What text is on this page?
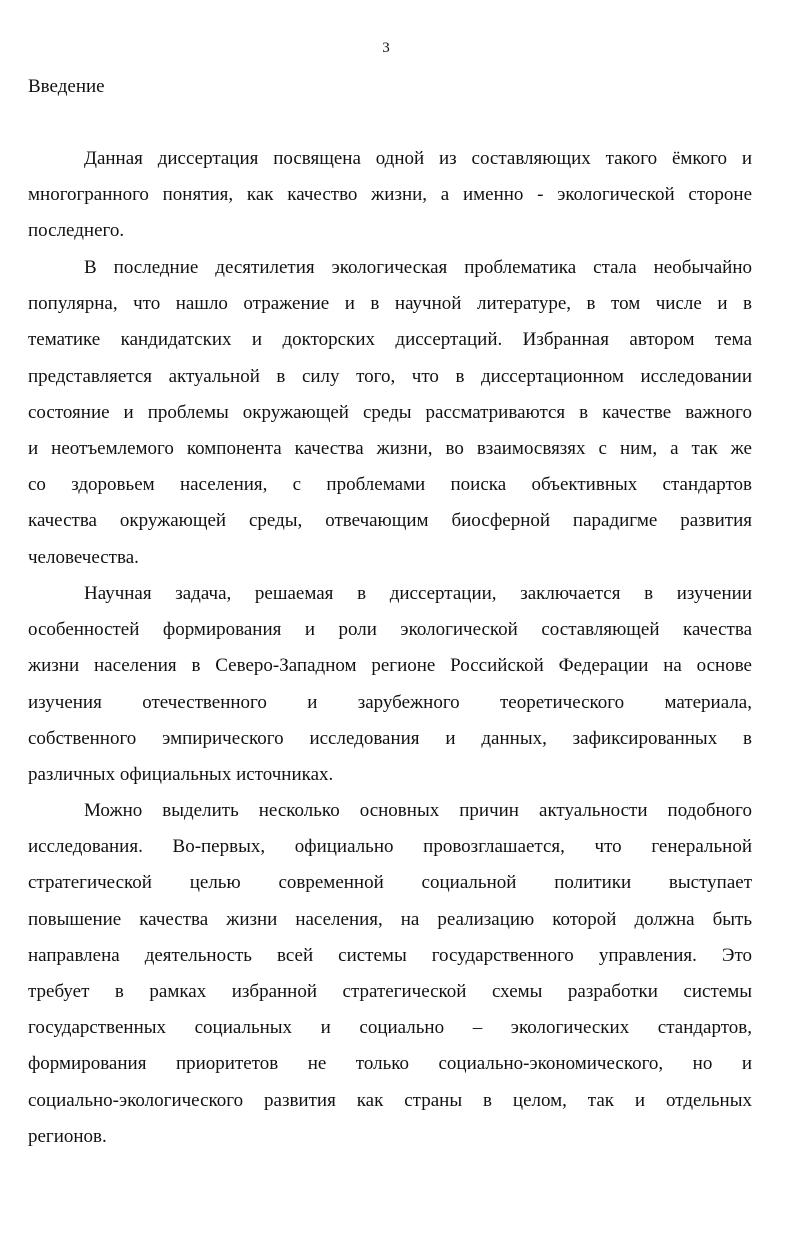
3
Введение

Данная диссертация посвящена одной из составляющих такого ёмкого и
многогранного понятия, как качество жизни, а именно - экологической стороне
последнего.

В последние десятилетия экологическая проблематика стала необычайно
популярна, что нашло отражение и в научной литературе, в том числе и в
тематике кандидатских и докторских диссертаций. Избранная автором тема
представляется актуальной в силу того, что в диссертационном исследовании
состояние и проблемы окружающей среды рассматриваются в качестве важного
и неотъемлемого компонента качества жизни, во взаимосвязях с ним, а так же
со здоровьем населения, с проблемами поиска объективных стандартов
качества окружающей среды, отвечающим биосферной парадигме развития
человечества.

Научная задача, решаемая в диссертации, заключается в изучении
особенностей формирования и роли экологической составляющей качества
жизни населения в Северо-Западном регионе Российской Федерации на основе
изучения отечественного и зарубежного теоретического материала,
собственного эмпирического исследования и данных, зафиксированных в
различных официальных источниках.

Можно выделить несколько основных причин актуальности подобного
исследования. Во-первых, официально провозглашается, что генеральной
стратегической целью современной социальной политики выступает
повышение качества жизни населения, на реализацию которой должна быть
направлена деятельность всей системы государственного управления. Это
требует в рамках избранной стратегической схемы разработки системы
государственных социальных и социально – экологических стандартов,
формирования приоритетов не только социально-экономического, но и
социально-экологического развития как страны в целом, так и отдельных
регионов.
